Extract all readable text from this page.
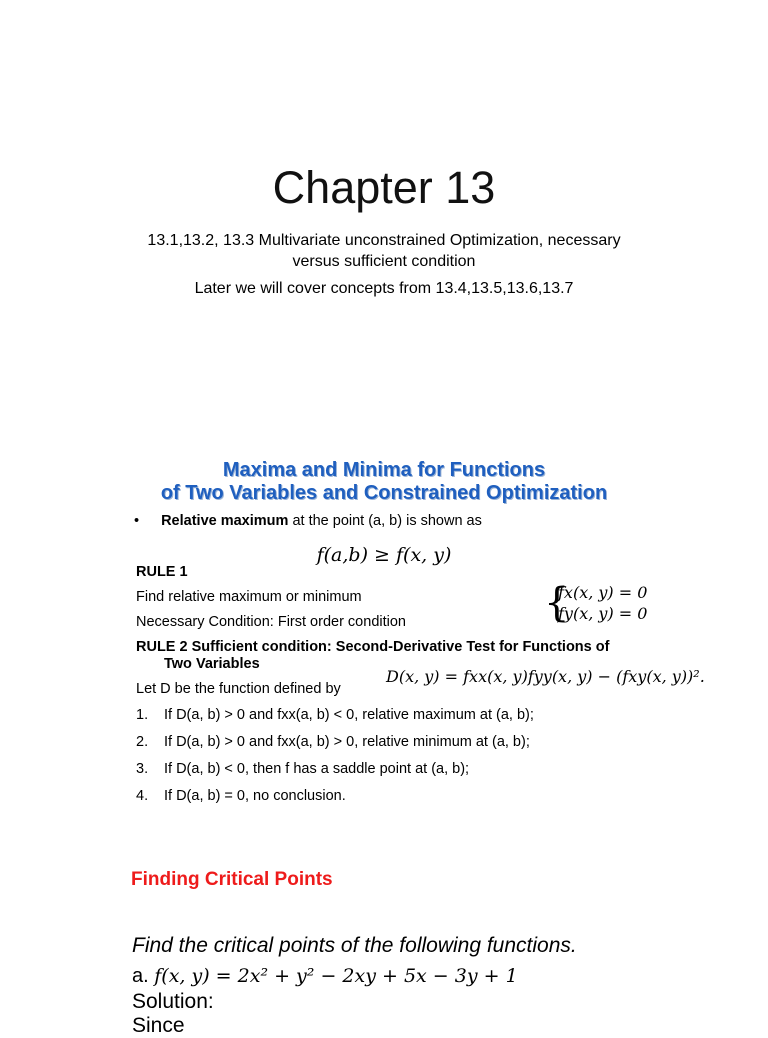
Chapter 13
13.1,13.2, 13.3 Multivariate unconstrained Optimization, necessary
versus sufficient condition
Later we will cover concepts from 13.4,13.5,13.6,13.7
Maxima and Minima for Functions
of Two Variables and Constrained Optimization
• Relative maximum at the point (a, b) is shown as
f(a,b) ≥ f(x, y)
RULE 1
Find relative maximum or minimum
Necessary Condition: First order condition	{
fx(x, y) = 0
fy(x, y) = 0
RULE 2 Sufficient condition: Second-Derivative Test for Functions of
Two Variables
D(x, y) = fxx(x, y)fyy(x, y) − (fxy(x, y))².
Let D be the function defined by
1. If D(a, b) > 0 and fxx(a, b) < 0, relative maximum at (a, b);
2. If D(a, b) > 0 and fxx(a, b) > 0, relative minimum at (a, b);
3. If D(a, b) < 0, then f has a saddle point at (a, b);
4. If D(a, b) = 0, no conclusion.
Finding Critical Points
Find the critical points of the following functions.
a. f(x, y) = 2x² + y² − 2xy + 5x − 3y + 1
Solution:
Since
